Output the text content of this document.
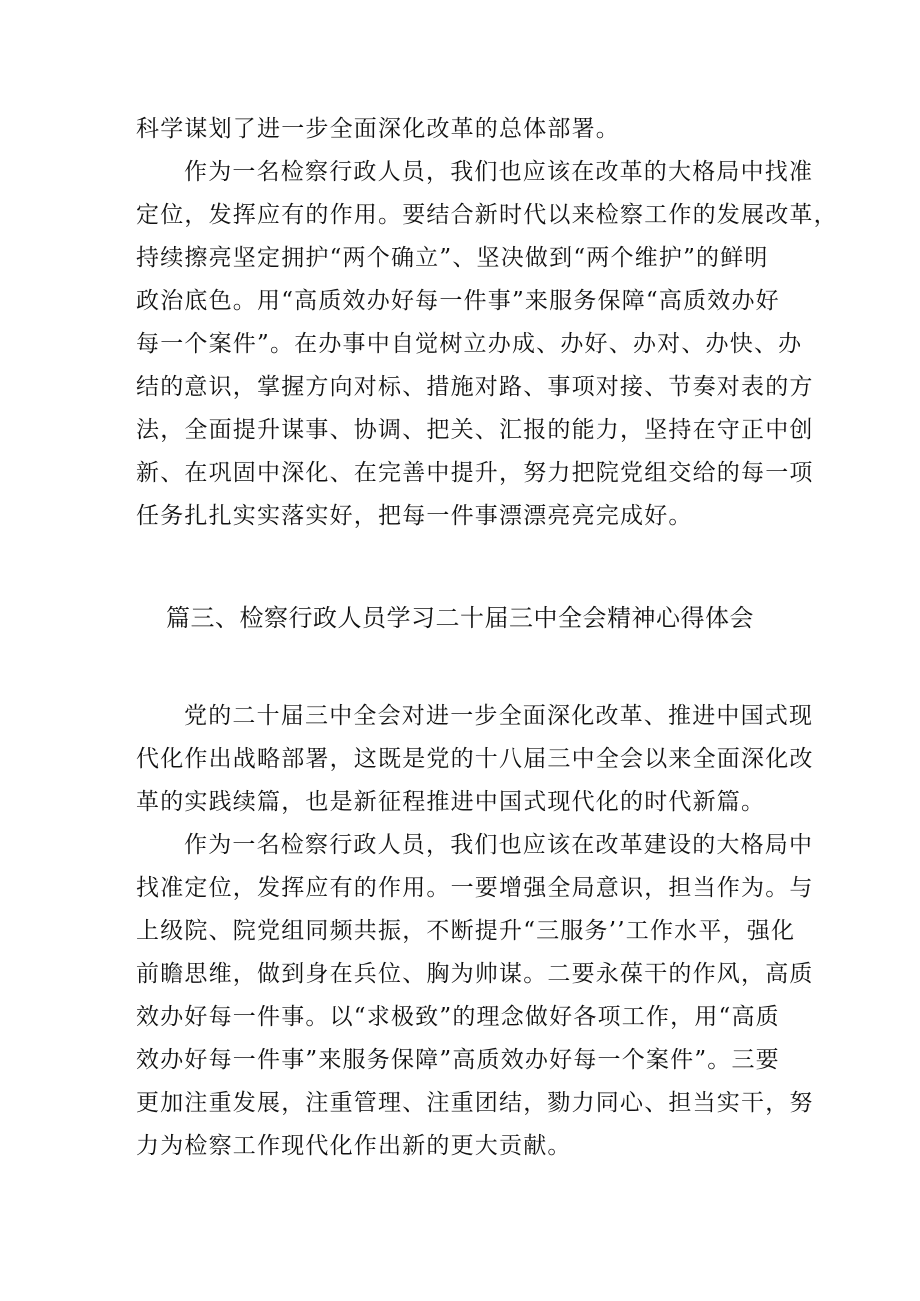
科学谋划了进一步全面深化改革的总体部署。
作为一名检察行政人员，我们也应该在改革的大格局中找准
定位，发挥应有的作用。要结合新时代以来检察工作的发展改革，
持续擦亮坚定拥护“两个确立”、坚决做到“两个维护”的鲜明
政治底色。用“高质效办好每一件事”来服务保障“高质效办好
每一个案件”。在办事中自觉树立办成、办好、办对、办快、办
结的意识，掌握方向对标、措施对路、事项对接、节奏对表的方
法，全面提升谋事、协调、把关、汇报的能力，坚持在守正中创
新、在巩固中深化、在完善中提升，努力把院党组交给的每一项
任务扎扎实实落实好，把每一件事漂漂亮亮完成好。
篇三、检察行政人员学习二十届三中全会精神心得体会
党的二十届三中全会对进一步全面深化改革、推进中国式现
代化作出战略部署，这既是党的十八届三中全会以来全面深化改
革的实践续篇，也是新征程推进中国式现代化的时代新篇。
作为一名检察行政人员，我们也应该在改革建设的大格局中
找准定位，发挥应有的作用。一要增强全局意识，担当作为。与
上级院、院党组同频共振，不断提升“三服务’’工作水平，强化
前瞻思维，做到身在兵位、胸为帅谋。二要永葆干的作风，高质
效办好每一件事。以“求极致”的理念做好各项工作，用“高质
效办好每一件事”来服务保障”高质效办好每一个案件”。三要
更加注重发展，注重管理、注重团结，勠力同心、担当实干，努
力为检察工作现代化作出新的更大贡献。
